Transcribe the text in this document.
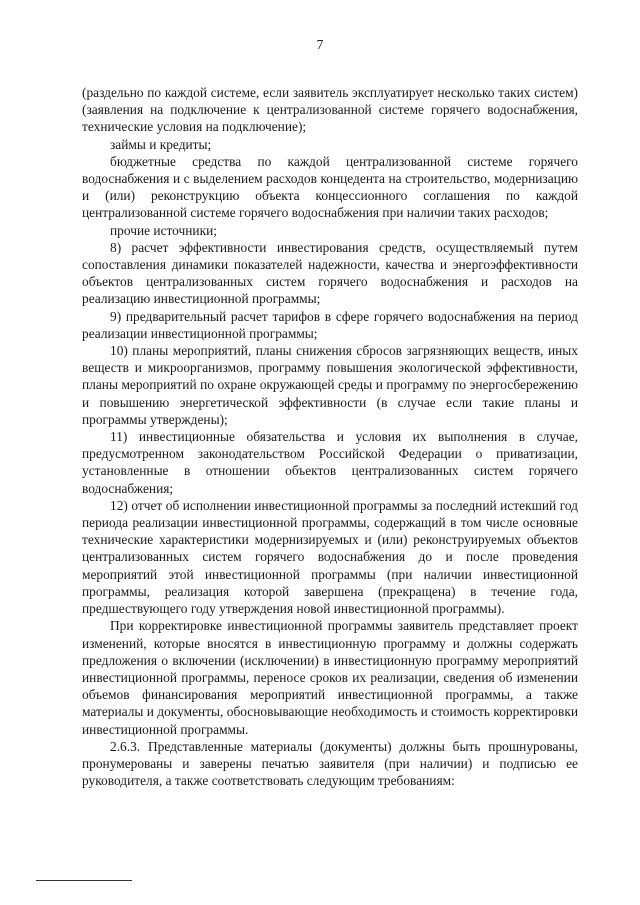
7

(раздельно по каждой системе, если заявитель эксплуатирует несколько таких систем) (заявления на подключение к централизованной системе горячего водоснабжения, технические условия на подключение);

займы и кредиты;

бюджетные средства по каждой централизованной системе горячего водоснабжения и с выделением расходов концедента на строительство, модернизацию и (или) реконструкцию объекта концессионного соглашения по каждой централизованной системе горячего водоснабжения при наличии таких расходов;

прочие источники;

8) расчет эффективности инвестирования средств, осуществляемый путем сопоставления динамики показателей надежности, качества и энергоэффективности объектов централизованных систем горячего водоснабжения и расходов на реализацию инвестиционной программы;

9) предварительный расчет тарифов в сфере горячего водоснабжения на период реализации инвестиционной программы;

10) планы мероприятий, планы снижения сбросов загрязняющих веществ, иных веществ и микроорганизмов, программу повышения экологической эффективности, планы мероприятий по охране окружающей среды и программу по энергосбережению и повышению энергетической эффективности (в случае если такие планы и программы утверждены);

11) инвестиционные обязательства и условия их выполнения в случае, предусмотренном законодательством Российской Федерации о приватизации, установленные в отношении объектов централизованных систем горячего водоснабжения;

12) отчет об исполнении инвестиционной программы за последний истекший год периода реализации инвестиционной программы, содержащий в том числе основные технические характеристики модернизируемых и (или) реконструируемых объектов централизованных систем горячего водоснабжения до и после проведения мероприятий этой инвестиционной программы (при наличии инвестиционной программы, реализация которой завершена (прекращена) в течение года, предшествующего году утверждения новой инвестиционной программы).

При корректировке инвестиционной программы заявитель представляет проект изменений, которые вносятся в инвестиционную программу и должны содержать предложения о включении (исключении) в инвестиционную программу мероприятий инвестиционной программы, переносе сроков их реализации, сведения об изменении объемов финансирования мероприятий инвестиционной программы, а также материалы и документы, обосновывающие необходимость и стоимость корректировки инвестиционной программы.

2.6.3. Представленные материалы (документы) должны быть прошнурованы, пронумерованы и заверены печатью заявителя (при наличии) и подписью ее руководителя, а также соответствовать следующим требованиям:
